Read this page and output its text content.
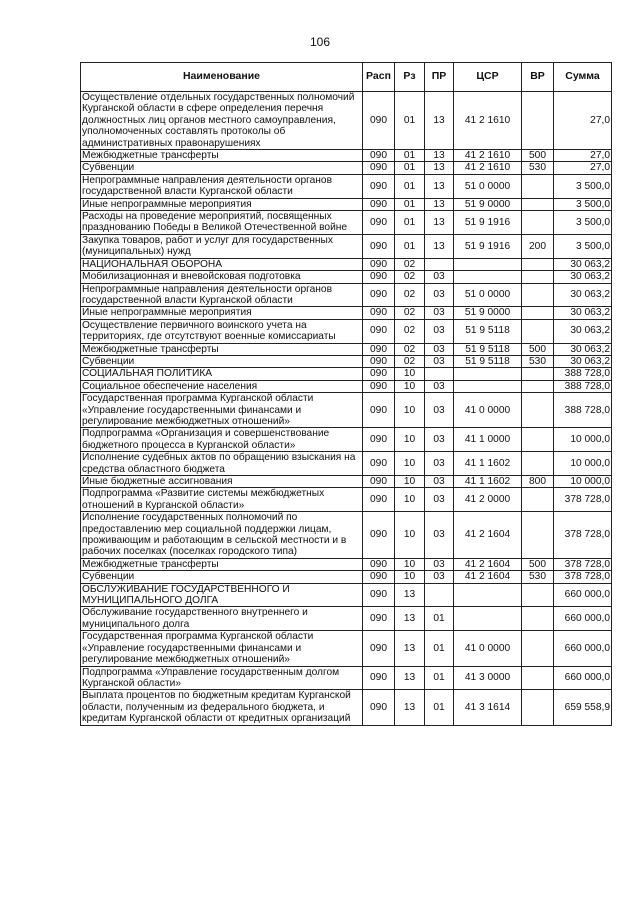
106
Наименование	Расп	Рз	ПР	ЦСР	ВР	Сумма
Осуществление отдельных государственных полномочий Курганской области в сфере определения перечня должностных лиц органов местного самоуправления, уполномоченных составлять протоколы об административных правонарушениях	090	01	13	41 2 1610		27,0
Межбюджетные трансферты	090	01	13	41 2 1610	500	27,0
Субвенции	090	01	13	41 2 1610	530	27,0
Непрограммные направления деятельности органов государственной власти Курганской области	090	01	13	51 0 0000		3 500,0
Иные непрограммные мероприятия	090	01	13	51 9 0000		3 500,0
Расходы на проведение мероприятий, посвященных празднованию Победы в Великой Отечественной войне	090	01	13	51 9 1916		3 500,0
Закупка товаров, работ и услуг для государственных (муниципальных) нужд	090	01	13	51 9 1916	200	3 500,0
НАЦИОНАЛЬНАЯ ОБОРОНА	090	02				30 063,2
Мобилизационная и вневойсковая подготовка	090	02	03			30 063,2
Непрограммные направления деятельности органов государственной власти Курганской области	090	02	03	51 0 0000		30 063,2
Иные непрограммные мероприятия	090	02	03	51 9 0000		30 063,2
Осуществление первичного воинского учета на территориях, где отсутствуют военные комиссариаты	090	02	03	51 9 5118		30 063,2
Межбюджетные трансферты	090	02	03	51 9 5118	500	30 063,2
Субвенции	090	02	03	51 9 5118	530	30 063,2
СОЦИАЛЬНАЯ ПОЛИТИКА	090	10				388 728,0
Социальное обеспечение населения	090	10	03			388 728,0
Государственная программа Курганской области «Управление государственными финансами и регулирование межбюджетных отношений»	090	10	03	41 0 0000		388 728,0
Подпрограмма «Организация и совершенствование бюджетного процесса в Курганской области»	090	10	03	41 1 0000		10 000,0
Исполнение судебных актов по обращению взыскания на средства областного бюджета	090	10	03	41 1 1602		10 000,0
Иные бюджетные ассигнования	090	10	03	41 1 1602	800	10 000,0
Подпрограмма «Развитие системы межбюджетных отношений в Курганской области»	090	10	03	41 2 0000		378 728,0
Исполнение государственных полномочий по предоставлению мер социальной поддержки лицам, проживающим и работающим в сельской местности и в рабочих поселках (поселках городского типа)	090	10	03	41 2 1604		378 728,0
Межбюджетные трансферты	090	10	03	41 2 1604	500	378 728,0
Субвенции	090	10	03	41 2 1604	530	378 728,0
ОБСЛУЖИВАНИЕ ГОСУДАРСТВЕННОГО И МУНИЦИПАЛЬНОГО ДОЛГА	090	13				660 000,0
Обслуживание государственного внутреннего и муниципального долга	090	13	01			660 000,0
Государственная программа Курганской области «Управление государственными финансами и регулирование межбюджетных отношений»	090	13	01	41 0 0000		660 000,0
Подпрограмма «Управление государственным долгом Курганской области»	090	13	01	41 3 0000		660 000,0
Выплата процентов по бюджетным кредитам Курганской области, полученным из федерального бюджета, и кредитам Курганской области от кредитных организаций	090	13	01	41 3 1614		659 558,9
